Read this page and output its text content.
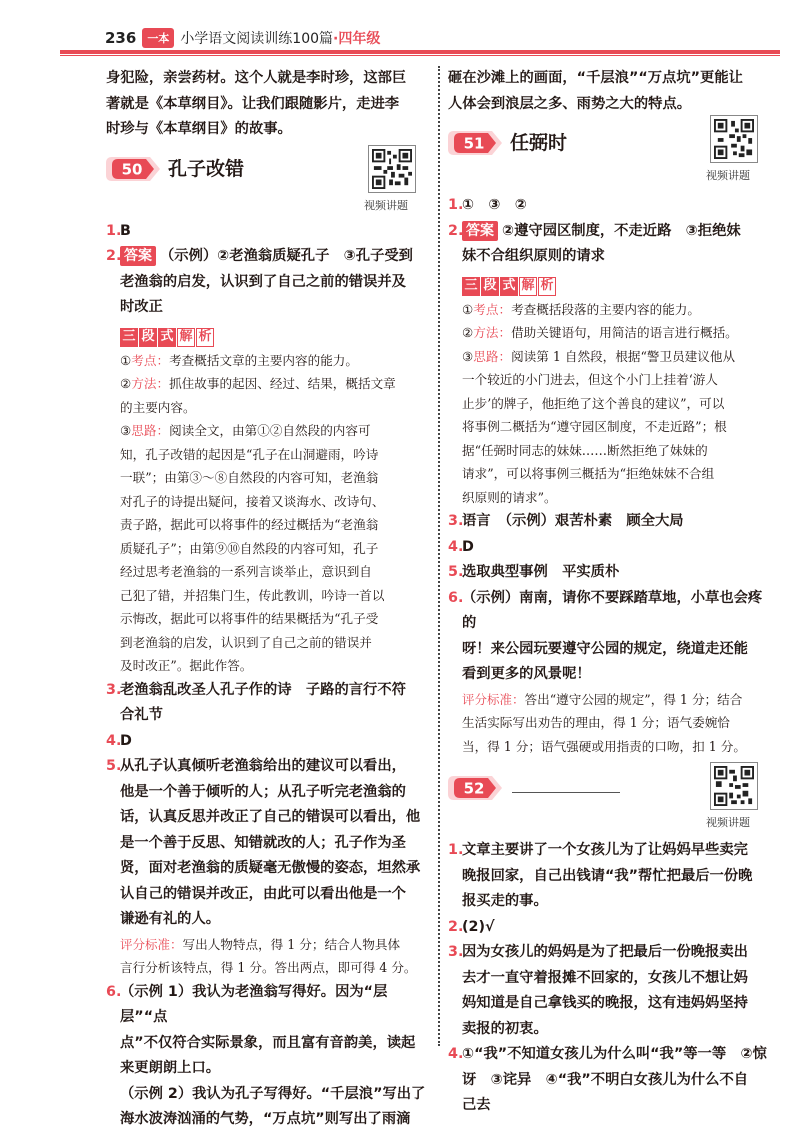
236	一本 小学语文阅读训练100篇 ·四年级
身犯险，亲尝药材。这个人就是李时珍，这部巨
著就是《本草纲目》。让我们跟随影片，走进李
时珍与《本草纲目》的故事。
50 孔子改错
视频讲题
1.
B
2. 答案 （示例）②老渔翁质疑孔子　③孔子受到
老渔翁的启发，认识到了自己之前的错误并及
时改正
三 段 式 解 析
①考点：考查概括文章的主要内容的能力。
②方法：抓住故事的起因、经过、结果，概括文章
的主要内容。
③思路：阅读全文，由第①②自然段的内容可
知，孔子改错的起因是“孔子在山洞避雨，吟诗
一联”；由第③～⑧自然段的内容可知，老渔翁
对孔子的诗提出疑问，接着又谈海水、改诗句、
责子路，据此可以将事件的经过概括为“老渔翁
质疑孔子”；由第⑨⑩自然段的内容可知，孔子
经过思考老渔翁的一系列言谈举止，意识到自
己犯了错，并招集门生，传此教训，吟诗一首以
示悔改，据此可以将事件的结果概括为“孔子受
到老渔翁的启发，认识到了自己之前的错误并
及时改正”。据此作答。
3.
老渔翁乱改圣人孔子作的诗　子路的言行不符
合礼节
4.
D
5.
从孔子认真倾听老渔翁给出的建议可以看出，
他是一个善于倾听的人；从孔子听完老渔翁的
话，认真反思并改正了自己的错误可以看出，他
是一个善于反思、知错就改的人；孔子作为圣
贤，面对老渔翁的质疑毫无傲慢的姿态，坦然承
认自己的错误并改正，由此可以看出他是一个
谦逊有礼的人。
评分标准：写出人物特点，得 1 分；结合人物具体
言行分析该特点，得 1 分。答出两点，即可得 4 分。
6.
（示例 1）我认为老渔翁写得好。因为“层层”“点
点”不仅符合实际景象，而且富有音韵美，读起
来更朗朗上口。
（示例 2）我认为孔子写得好。“千层浪”写出了
海水波涛汹涌的气势，“万点坑”则写出了雨滴
砸在沙滩上的画面，“千层浪”“万点坑”更能让
人体会到浪层之多、雨势之大的特点。
51 任弼时
视频讲题
1.
①　③　②
2. 答案 ②遵守园区制度，不走近路　③拒绝妹
妹不合组织原则的请求
三 段 式 解 析
①考点：考查概括段落的主要内容的能力。
②方法：借助关键语句，用简洁的语言进行概括。
③思路：阅读第 1 自然段，根据“警卫员建议他从
一个较近的小门进去，但这个小门上挂着‘游人
止步’的牌子，他拒绝了这个善良的建议”，可以
将事例二概括为“遵守园区制度，不走近路”；根
据“任弼时同志的妹妹……断然拒绝了妹妹的
请求”，可以将事例三概括为“拒绝妹妹不合组
织原则的请求”。
3.
语言　（示例）艰苦朴素　顾全大局
4.
D
5.
选取典型事例　平实质朴
6.
（示例）南南，请你不要踩踏草地，小草也会疼的
呀！来公园玩要遵守公园的规定，绕道走还能
看到更多的风景呢！
评分标准：答出“遵守公园的规定”，得 1 分；结合
生活实际写出劝告的理由，得 1 分；语气委婉恰
当，得 1 分；语气强硬或用指责的口吻，扣 1 分。
52
视频讲题
1.
文章主要讲了一个女孩儿为了让妈妈早些卖完
晚报回家，自己出钱请“我”帮忙把最后一份晚
报买走的事。
2.
(2)√
3.
因为女孩儿的妈妈是为了把最后一份晚报卖出
去才一直守着报摊不回家的，女孩儿不想让妈
妈知道是自己拿钱买的晚报，这有违妈妈坚持
卖报的初衷。
4.
①“我”不知道女孩儿为什么叫“我”等一等　②惊
讶　③诧异　④“我”不明白女孩儿为什么不自
己去
